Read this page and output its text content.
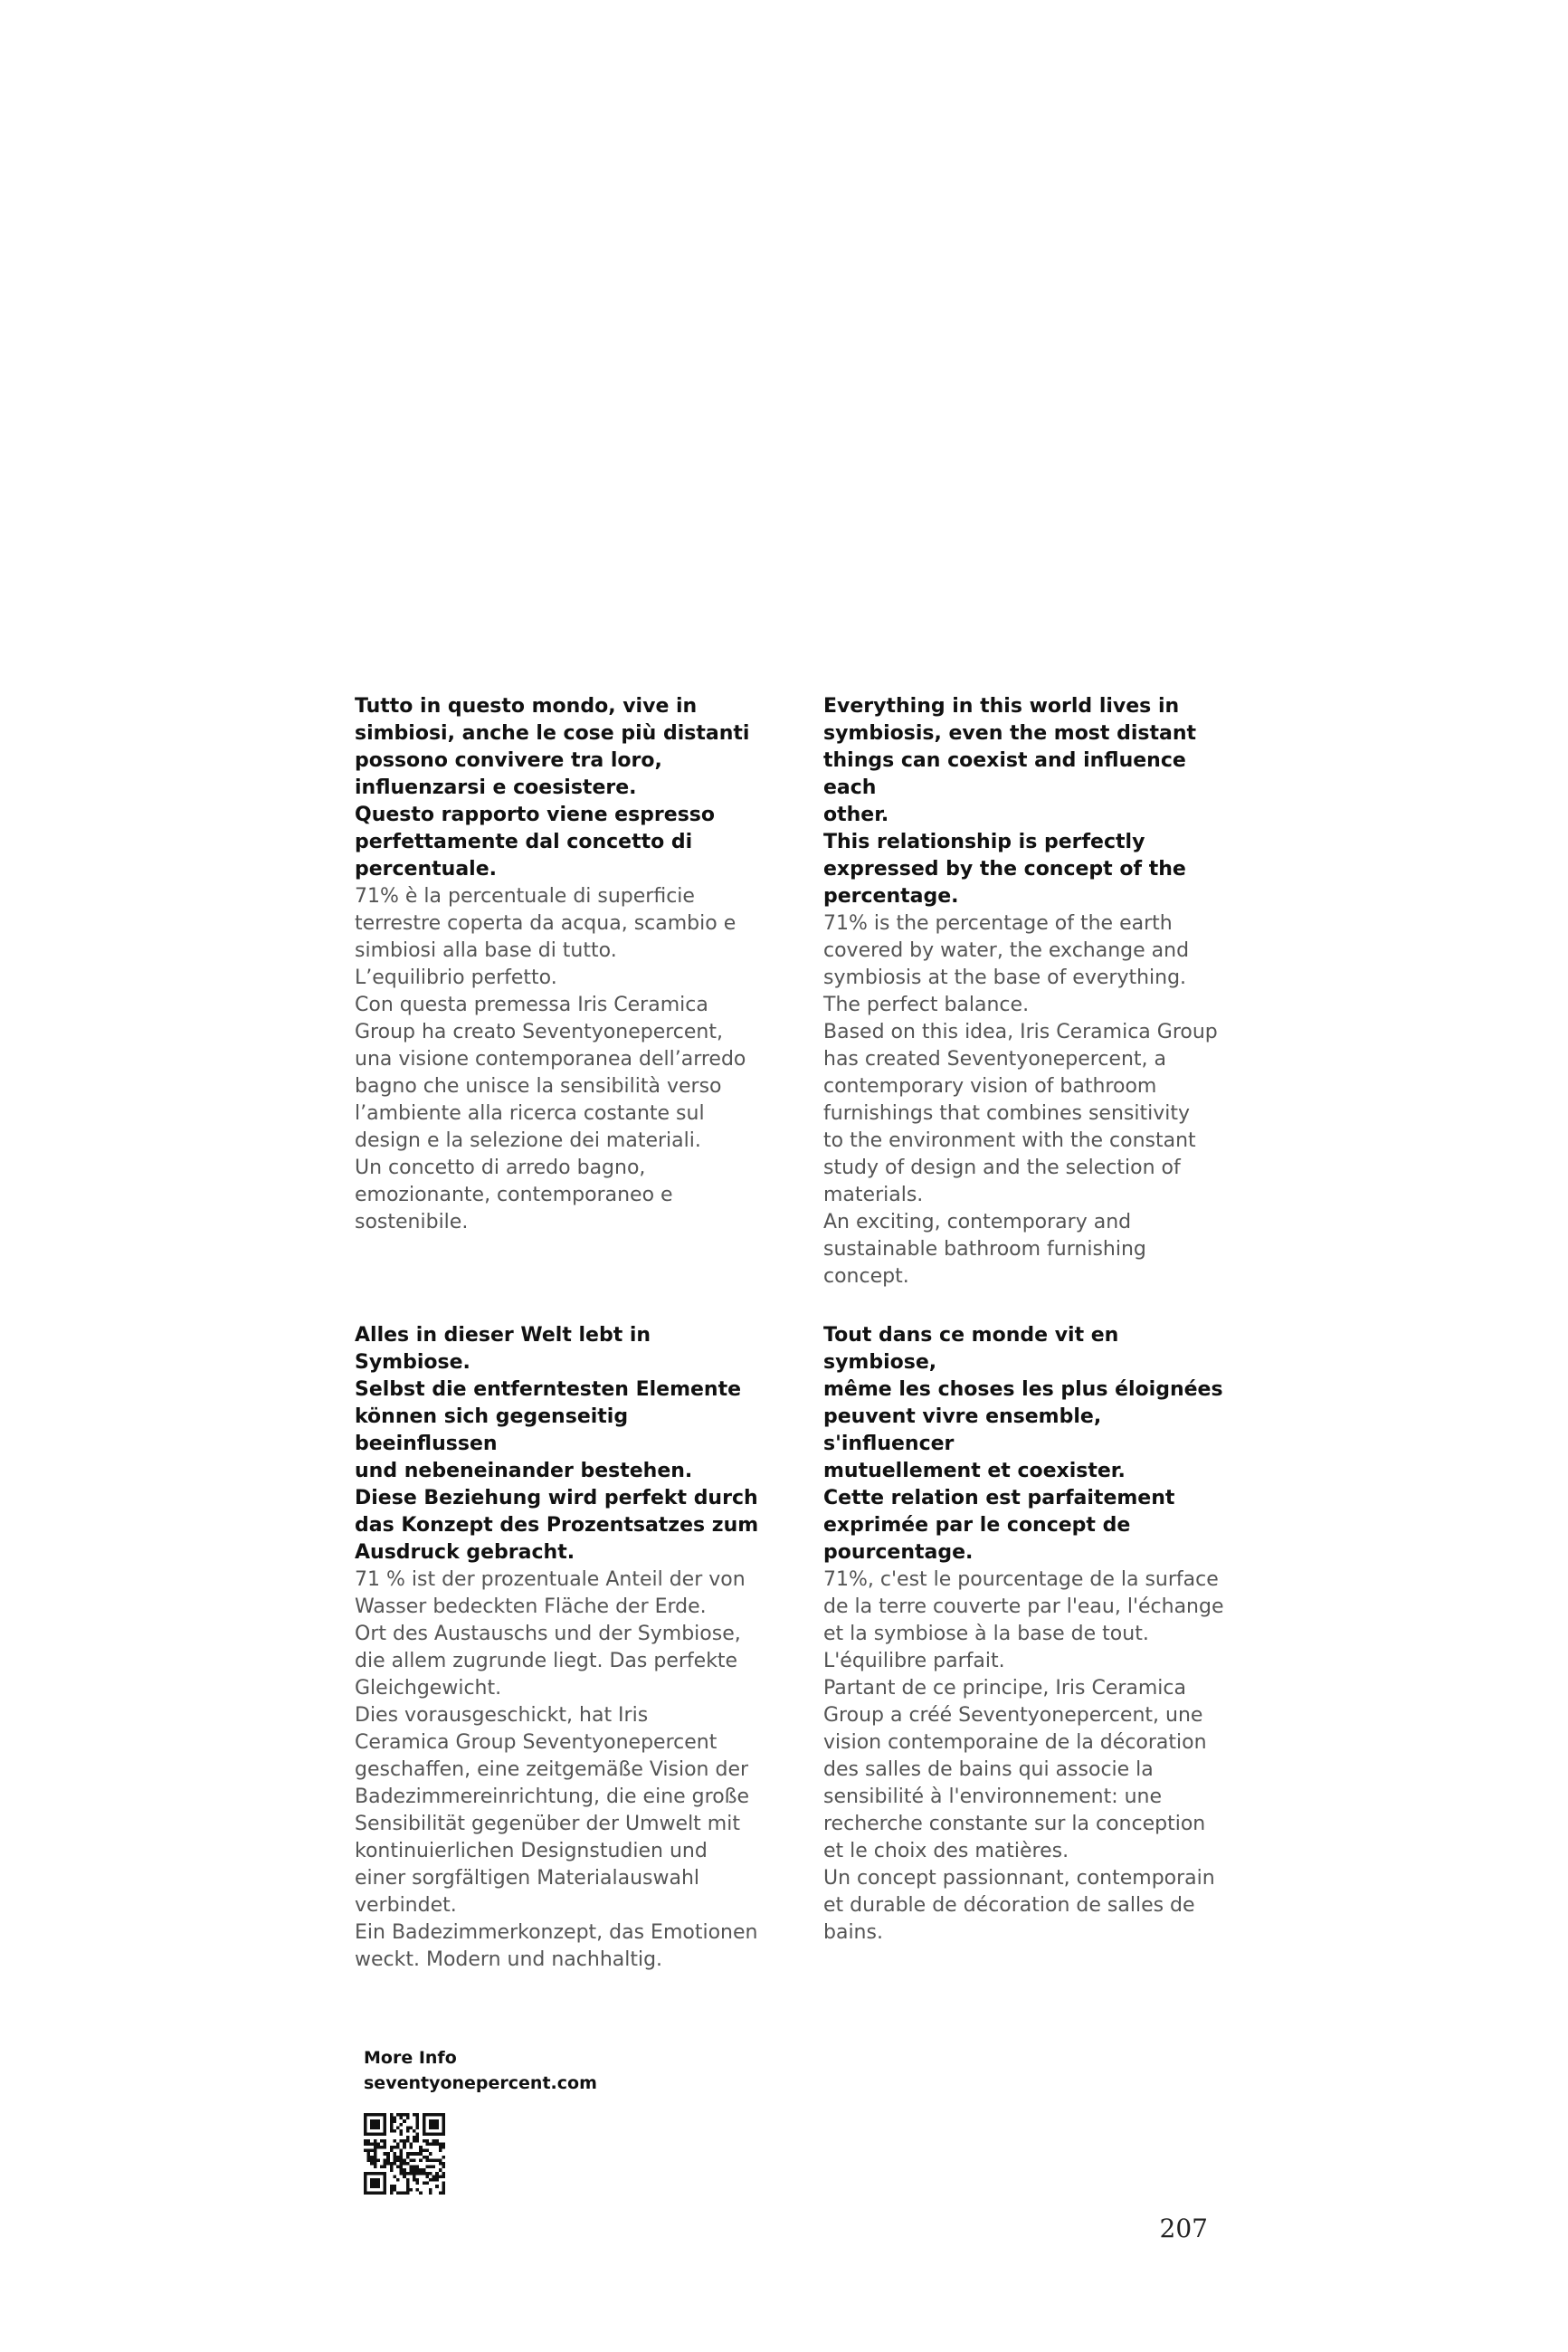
Tutto in questo mondo, vive in
simbiosi, anche le cose più distanti
possono convivere tra loro,
influenzarsi e coesistere.
Questo rapporto viene espresso
perfettamente dal concetto di
percentuale.

71% è la percentuale di superficie
terrestre coperta da acqua, scambio e
simbiosi alla base di tutto.
L’equilibrio perfetto.
Con questa premessa Iris Ceramica
Group ha creato Seventyonepercent,
una visione contemporanea dell’arredo
bagno che unisce la sensibilità verso
l’ambiente alla ricerca costante sul
design e la selezione dei materiali.
Un concetto di arredo bagno,
emozionante, contemporaneo e
sostenibile.

Everything in this world lives in
symbiosis, even the most distant
things can coexist and influence each
other.
This relationship is perfectly
expressed by the concept of the
percentage.

71% is the percentage of the earth
covered by water, the exchange and
symbiosis at the base of everything.
The perfect balance.
Based on this idea, Iris Ceramica Group
has created Seventyonepercent, a
contemporary vision of bathroom
furnishings that combines sensitivity
to the environment with the constant
study of design and the selection of
materials.
An exciting, contemporary and
sustainable bathroom furnishing
concept.

Alles in dieser Welt lebt in Symbiose.
Selbst die entferntesten Elemente
können sich gegenseitig beeinflussen
und nebeneinander bestehen.
Diese Beziehung wird perfekt durch
das Konzept des Prozentsatzes zum
Ausdruck gebracht.

71 % ist der prozentuale Anteil der von
Wasser bedeckten Fläche der Erde.
Ort des Austauschs und der Symbiose,
die allem zugrunde liegt. Das perfekte
Gleichgewicht.
Dies vorausgeschickt, hat Iris
Ceramica Group Seventyonepercent
geschaffen, eine zeitgemäße Vision der
Badezimmereinrichtung, die eine große
Sensibilität gegenüber der Umwelt mit
kontinuierlichen Designstudien und
einer sorgfältigen Materialauswahl
verbindet.
Ein Badezimmerkonzept, das Emotionen
weckt. Modern und nachhaltig.

Tout dans ce monde vit en symbiose,
même les choses les plus éloignées
peuvent vivre ensemble, s'influencer
mutuellement et coexister.
Cette relation est parfaitement
exprimée par le concept de
pourcentage.

71%, c'est le pourcentage de la surface
de la terre couverte par l'eau, l'échange
et la symbiose à la base de tout.
L'équilibre parfait.
Partant de ce principe, Iris Ceramica
Group a créé Seventyonepercent, une
vision contemporaine de la décoration
des salles de bains qui associe la
sensibilité à l'environnement: une
recherche constante sur la conception
et le choix des matières.
Un concept passionnant, contemporain
et durable de décoration de salles de
bains.

More Info
seventyonepercent.com
207
